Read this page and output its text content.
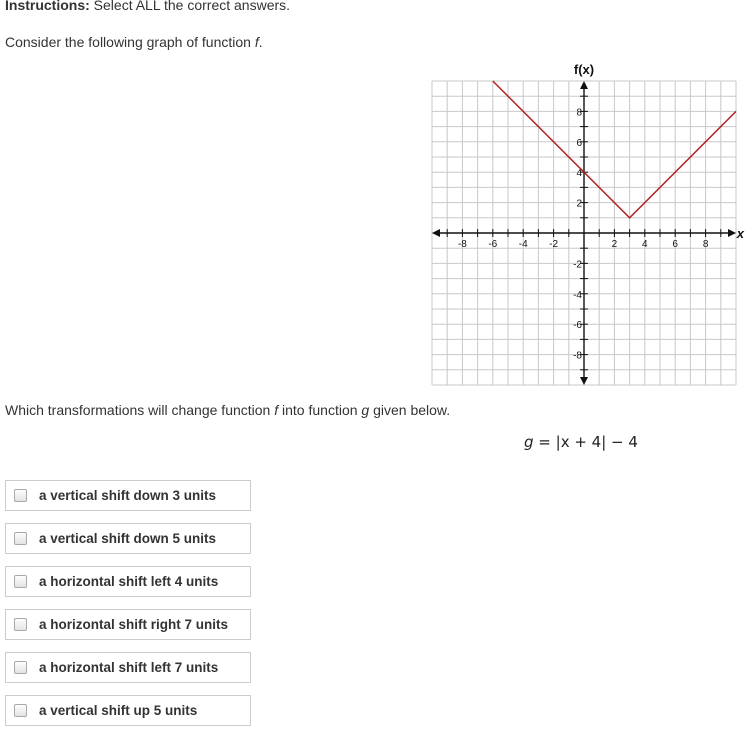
Instructions: Select ALL the correct answers.
Consider the following graph of function f.
-8 -6 -4 -2	2 4 6 8
8
6
4
2
-2
-4
-6
-8
f(x)
x
Which transformations will change function f into function g given below.
g = |x + 4| − 4
a vertical shift down 3 units
a vertical shift down 5 units
a horizontal shift left 4 units
a horizontal shift right 7 units
a horizontal shift left 7 units
a vertical shift up 5 units
